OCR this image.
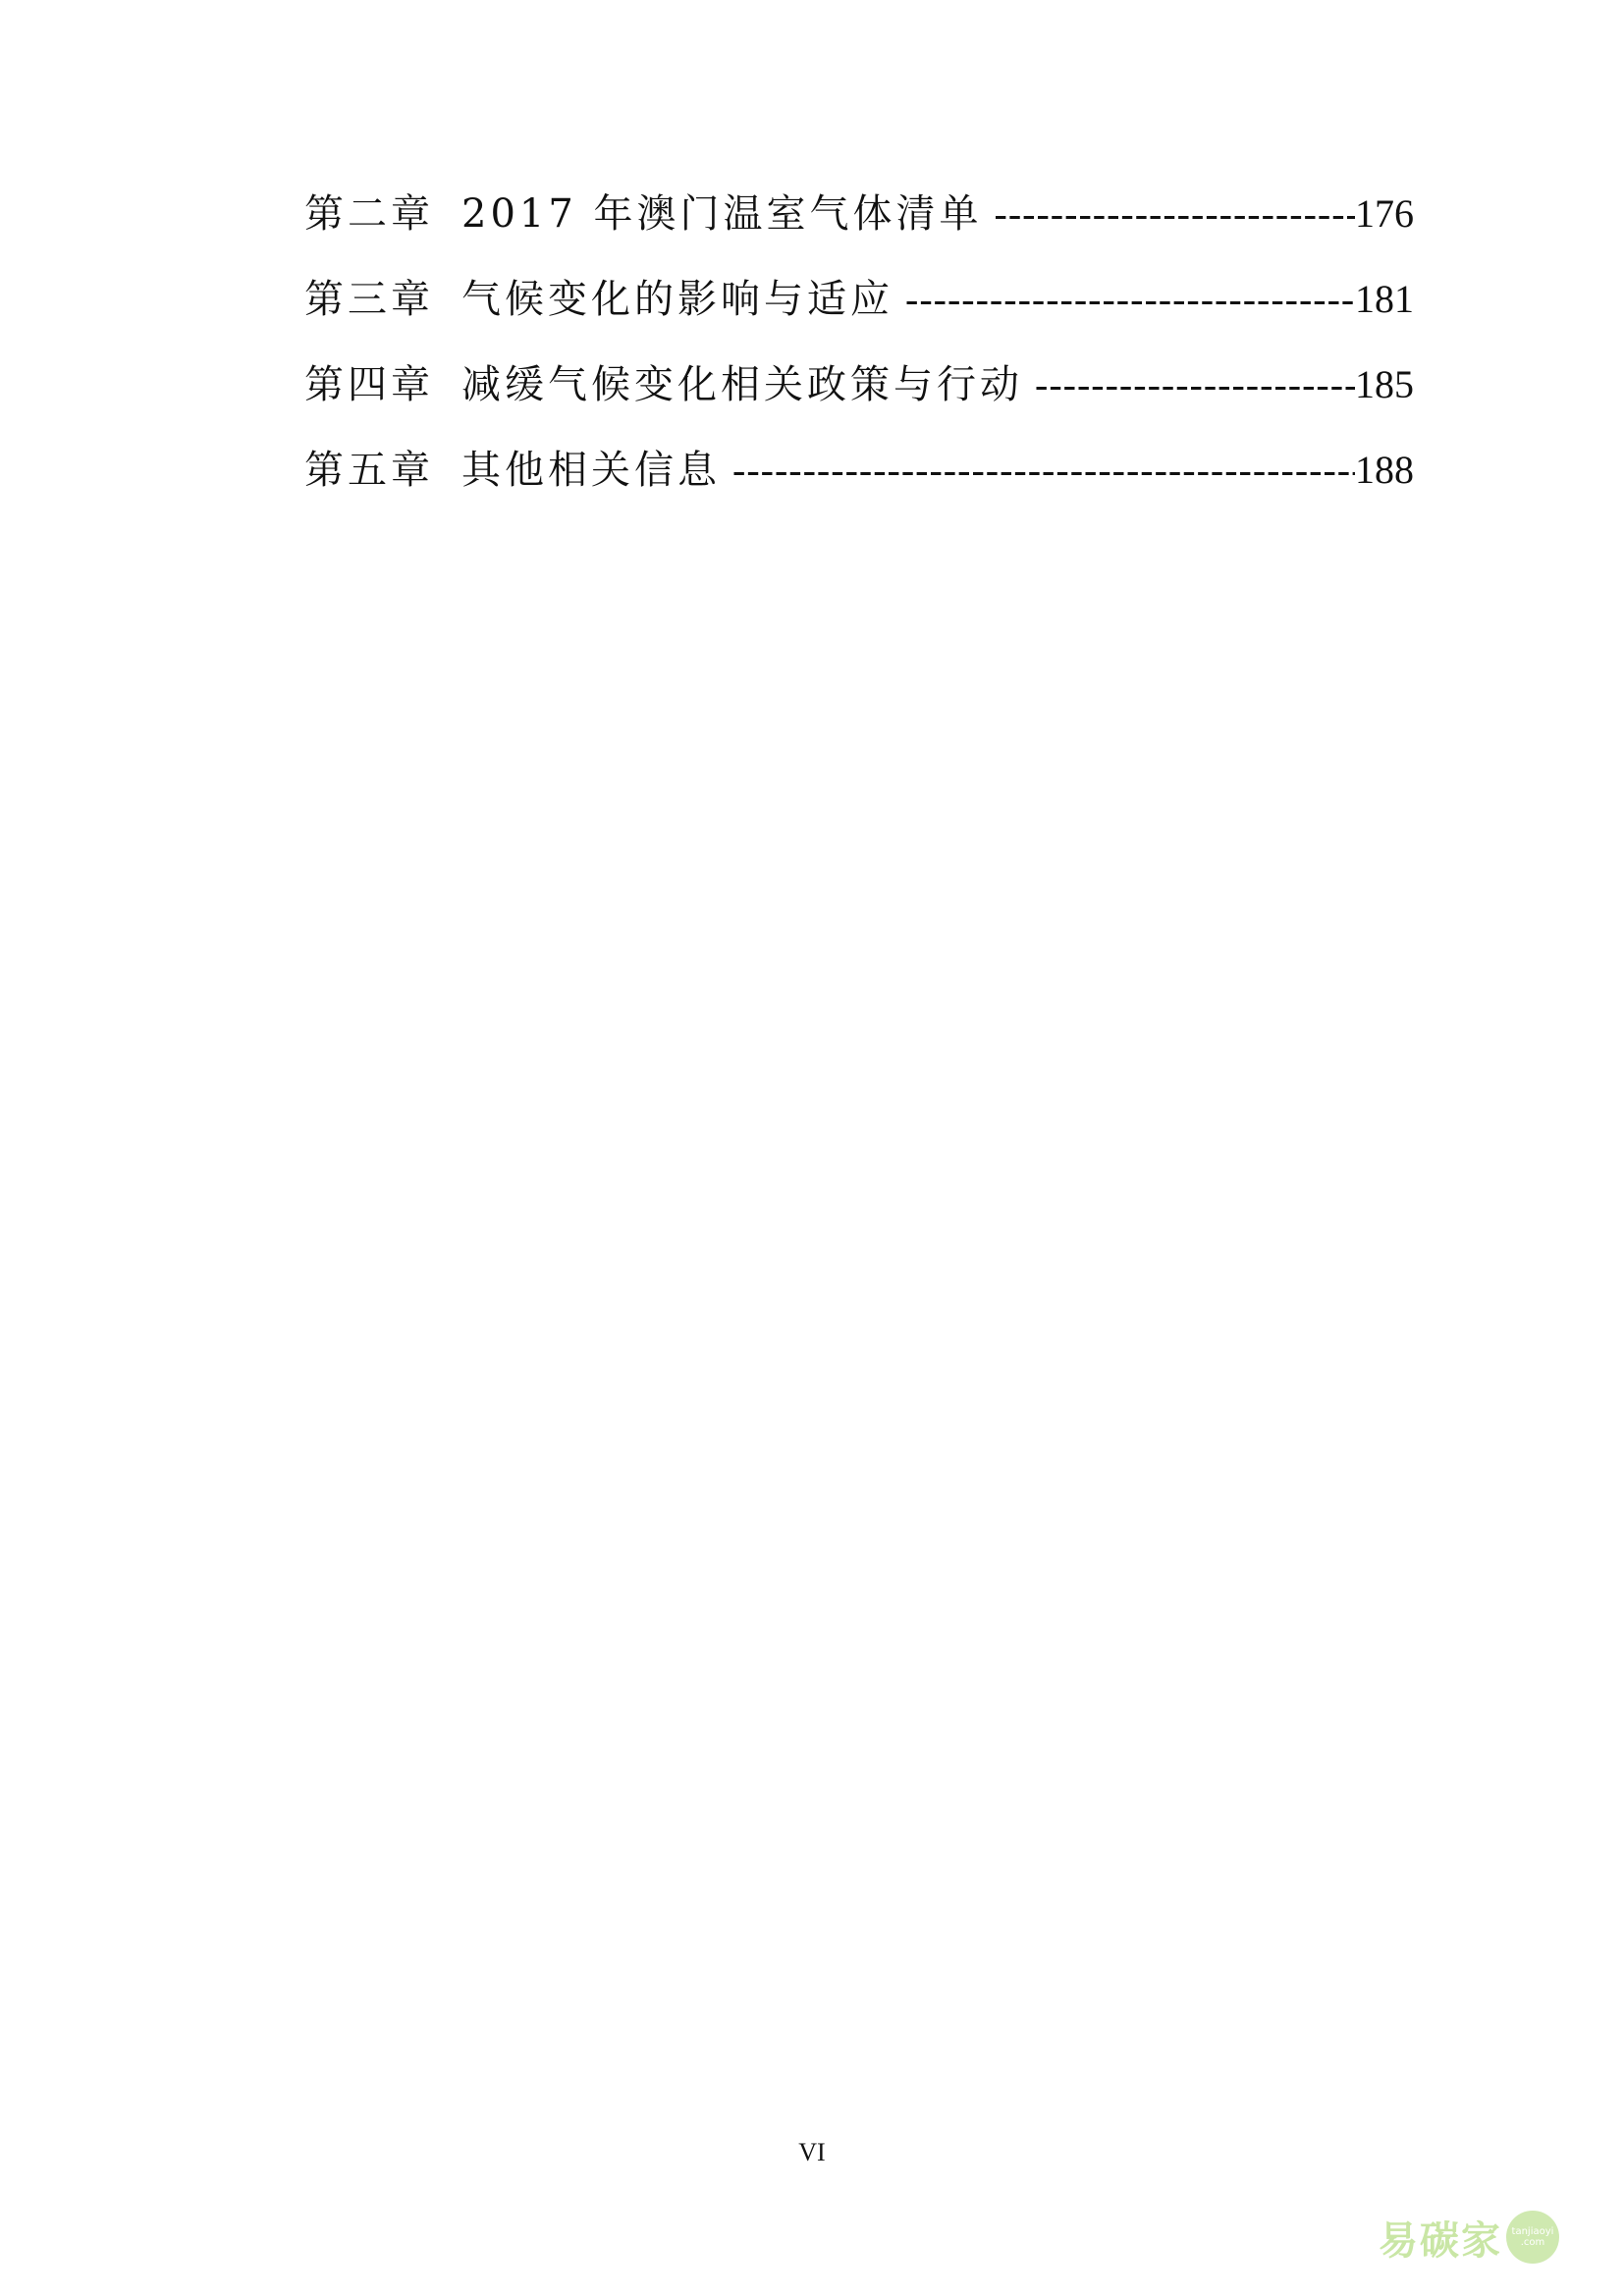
第二章 2017 年澳门温室气体清单 -----	176
第三章 气候变化的影响与适应 -----	181
第四章 减缓气候变化相关政策与行动 -----	185
第五章 其他相关信息 -----	188
VI
易碳家 tanjiaoyi
.com
